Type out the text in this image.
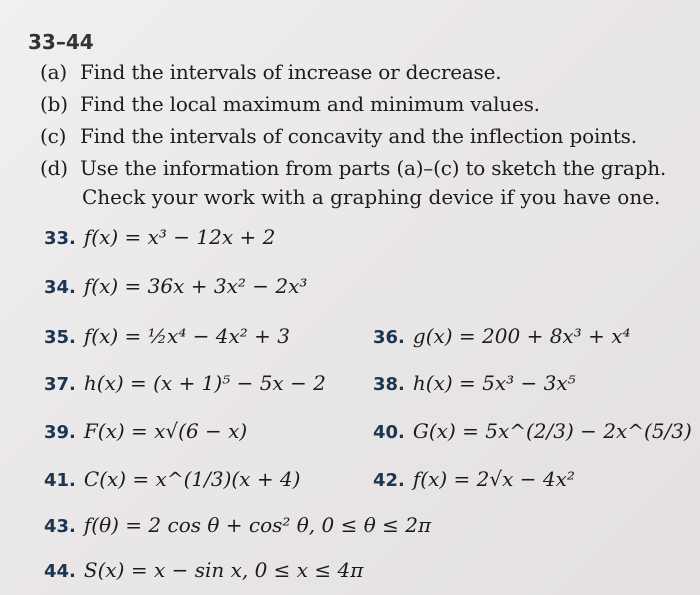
33–44
(a) Find the intervals of increase or decrease.
(b) Find the local maximum and minimum values.
(c) Find the intervals of concavity and the inflection points.
(d) Use the information from parts (a)–(c) to sketch the graph.
Check your work with a graphing device if you have one.
33. f(x) = x³ − 12x + 2
34. f(x) = 36x + 3x² − 2x³
35. f(x) = ½x⁴ − 4x² + 3	36. g(x) = 200 + 8x³ + x⁴
37. h(x) = (x + 1)⁵ − 5x − 2	38. h(x) = 5x³ − 3x⁵
39. F(x) = x√(6 − x)	40. G(x) = 5x^(2/3) − 2x^(5/3)
41. C(x) = x^(1/3)(x + 4)	42. f(x) = 2√x − 4x²
43. f(θ) = 2 cos θ + cos² θ, 0 ≤ θ ≤ 2π
44. S(x) = x − sin x, 0 ≤ x ≤ 4π
